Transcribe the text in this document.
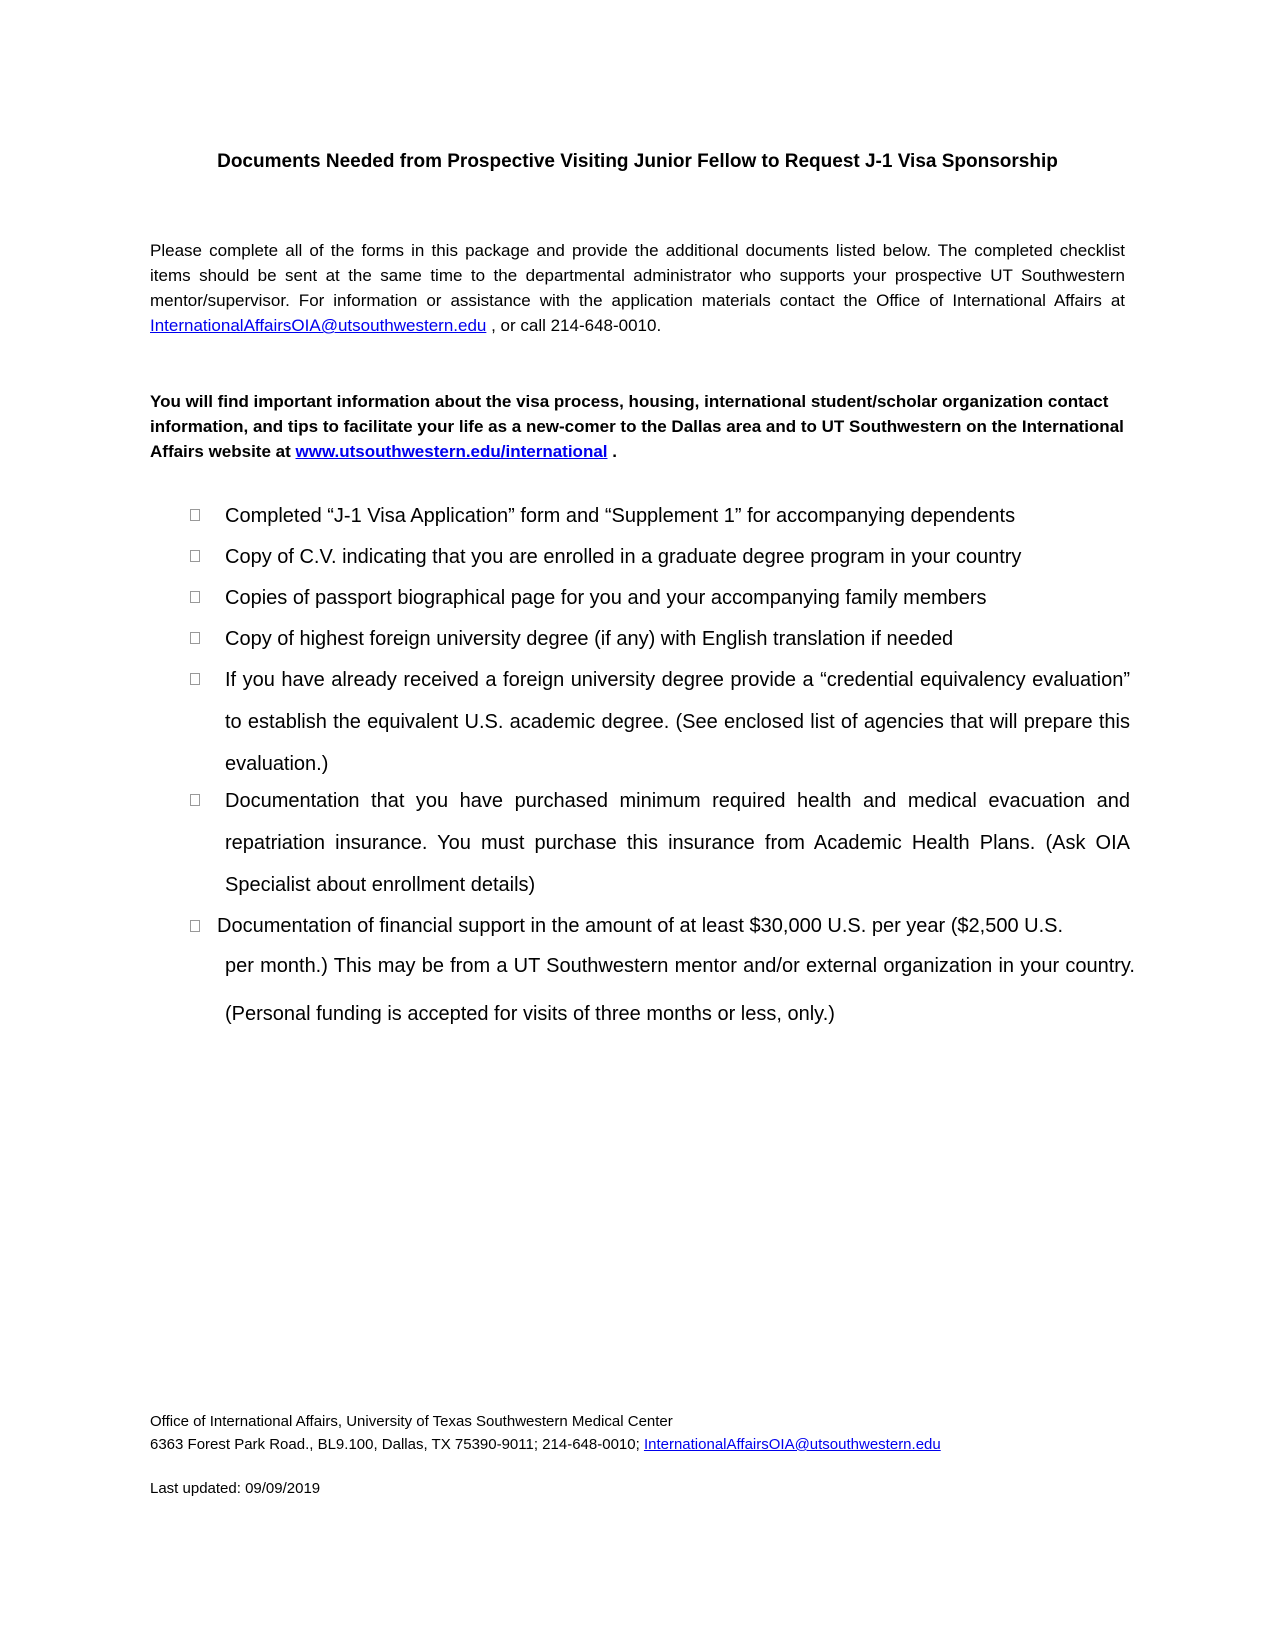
Documents Needed from Prospective Visiting Junior Fellow to Request J-1 Visa Sponsorship

Please complete all of the forms in this package and provide the additional documents listed below. The completed checklist items should be sent at the same time to the departmental administrator who supports your prospective UT Southwestern mentor/supervisor. For information or assistance with the application materials contact the Office of International Affairs at InternationalAffairsOIA@utsouthwestern.edu , or call 214-648-0010.

You will find important information about the visa process, housing, international student/scholar organization contact information, and tips to facilitate your life as a new-comer to the Dallas area and to UT Southwestern on the International Affairs website at www.utsouthwestern.edu/international .

Completed “J-1 Visa Application” form and “Supplement 1” for accompanying dependents
Copy of C.V. indicating that you are enrolled in a graduate degree program in your country
Copies of passport biographical page for you and your accompanying family members
Copy of highest foreign university degree (if any) with English translation if needed
If you have already received a foreign university degree provide a “credential equivalency evaluation” to establish the equivalent U.S. academic degree. (See enclosed list of agencies that will prepare this evaluation.)
Documentation that you have purchased minimum required health and medical evacuation and repatriation insurance. You must purchase this insurance from Academic Health Plans. (Ask OIA Specialist about enrollment details)
Documentation of financial support in the amount of at least $30,000 U.S. per year ($2,500 U.S.
per month.) This may be from a UT Southwestern mentor and/or external organization in your country. (Personal funding is accepted for visits of three months or less, only.)
Office of International Affairs, University of Texas Southwestern Medical Center
6363 Forest Park Road., BL9.100, Dallas, TX 75390-9011; 214-648-0010; InternationalAffairsOIA@utsouthwestern.edu
Last updated: 09/09/2019
